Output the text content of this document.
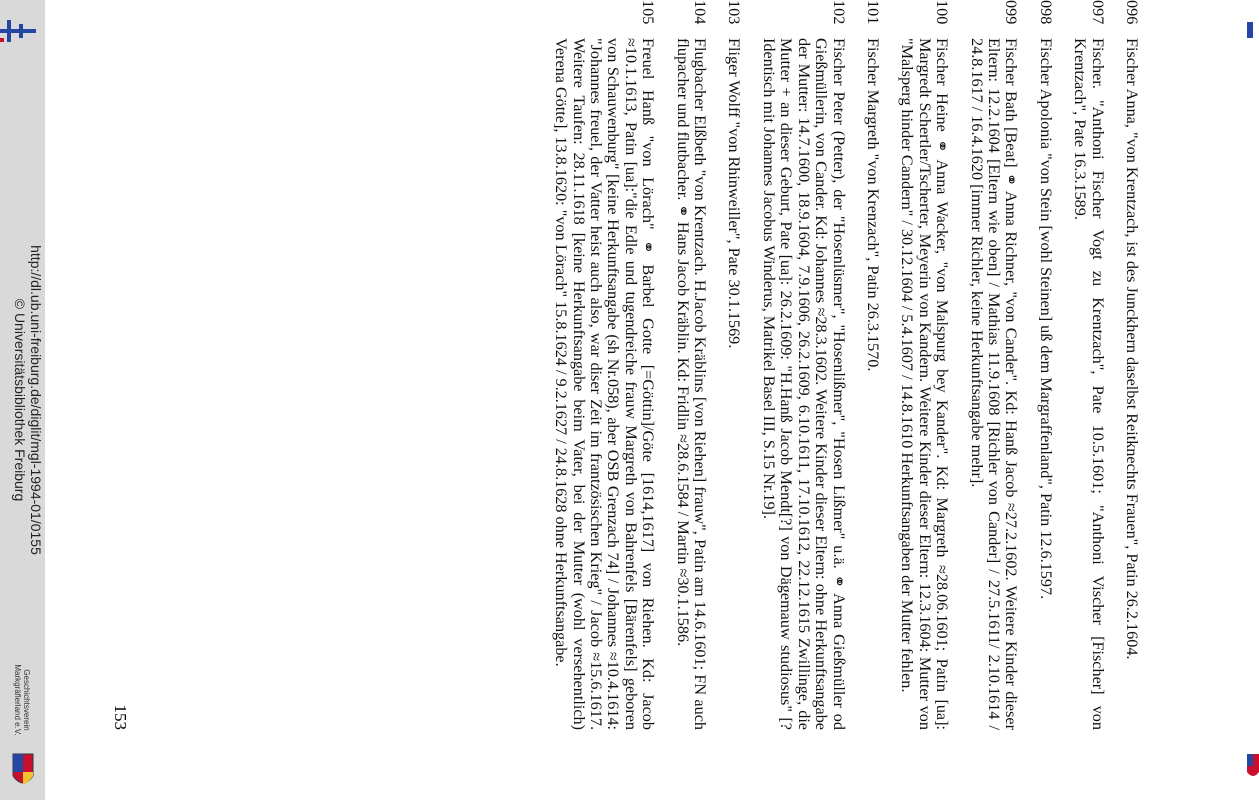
http://dl.ub.uni-freiburg.de/diglit/mgl-1994-01/0155
© Universitätsbibliothek Freiburg
Geschichtsverein
Markgräflerland e.V.
096
Fischer Anna, "von Krentzach, ist des Junckhern daselbst Reitknechts Frauen", Patin 26.2.1604.
097
Fischer. "Anthoni Fischer Vogt zu Krentzach", Pate 10.5.1601; "Anthoni Vischer [Fischer] von Krentzach", Pate 16.3.1589.
098
Fischer Apolonia "von Stein [wohl Steinen] uß dem Margraffenland", Patin 12.6.1597.
099
Fischer Bath [Beat] ⚭ Anna Richner, "von Cander". Kd: Hanß Jacob ≈27.2.1602. Weitere Kinder dieser Eltern: 12.2.1604 [Eltern wie oben] / Mathias 11.9.1608 [Richler von Cander] / 27.5.1611/ 2.10.1614 / 24.8.1617 / 16.4.1620 [immer Richler, keine Herkunftsangabe mehr].
100
Fischer Heine ⚭ Anna Wacker, "von Malspurg bey Kander". Kd: Margreth ≈28.06.1601; Patin [ua]: Margredt Schertler/Tscherter, Meyerin von Kandern. Weitere Kinder dieser Eltern: 12.3.1604: Mutter von "Malsperg hinder Candern" / 30.12.1604 / 5.4.1607 / 14.8.1610 Herkunftsangaben der Mutter fehlen.
101
Fischer Margreth "von Krenzach", Patin 26.3.1570.
102
Fischer Peter (Petter), der "Hosenlüsmer", "Hosenlißmer", "Hosen Lißmer" u.ä. ⚭ Anna Gießmüller od Gießmüllerin, von Cander. Kd: Johannes ≈28.3.1602. Weitere Kinder dieser Eltern: ohne Herkunftsangabe der Mutter: 14.7.1600, 18.9.1604, 7.9.1606, 26.2.1609, 6.10.1611, 17.10.1612, 22.12.1615 Zwillinge, die Mutter + an dieser Geburt, Pate [ua]: 26.2.1609: "H.Hanß Jacob Mendt[?] von Dägemauw studiosus" [? Identisch mit Johannes Jacobus Winderus, Matrikel Basel III, S.15 Nr.19].
103
Fliger Wolff "von Rhinweiller", Pate 30.1.1569.
104
Flugbacher Elßbeth "von Krentzach. H.Jacob Kräblins [von Riehen] frauw", Patin am 14.6.1601; FN auch flupacher und flutbacher. ⚭ Hans Jacob Kräblin. Kd: Fridlin ≈28.6.1584 / Martin ≈30.1.1586.
105
Freuel Hanß "von Lörach" ⚭ Barbel Gotte [=Göttin]/Göte [1614,1617] von Riehen. Kd: Jacob ≈10.1.1613, Patin [ua]:"die Edle und tugendreiche frauw Margreth von Bahrenfels [Bärenfels] geboren von Schauwenburg" [keine Herkunftsangabe (sh Nr.058), aber OSB Grenzach 74] / Johannes ≈10.4.1614: "Johannes freuel, der Vatter heist auch also, war diser Zeit im frantzösischen Krieg" / Jacob ≈15.6.1617. Weitere Taufen: 28.11.1618 [keine Herkunftsangabe beim Vater, bei der Mutter (wohl versehentlich) Verena Götte], 13.8.1620: "von Lörach" 15.8.1624 / 9.2.1627 / 24.8.1628 ohne Herkunftsangabe.
153
